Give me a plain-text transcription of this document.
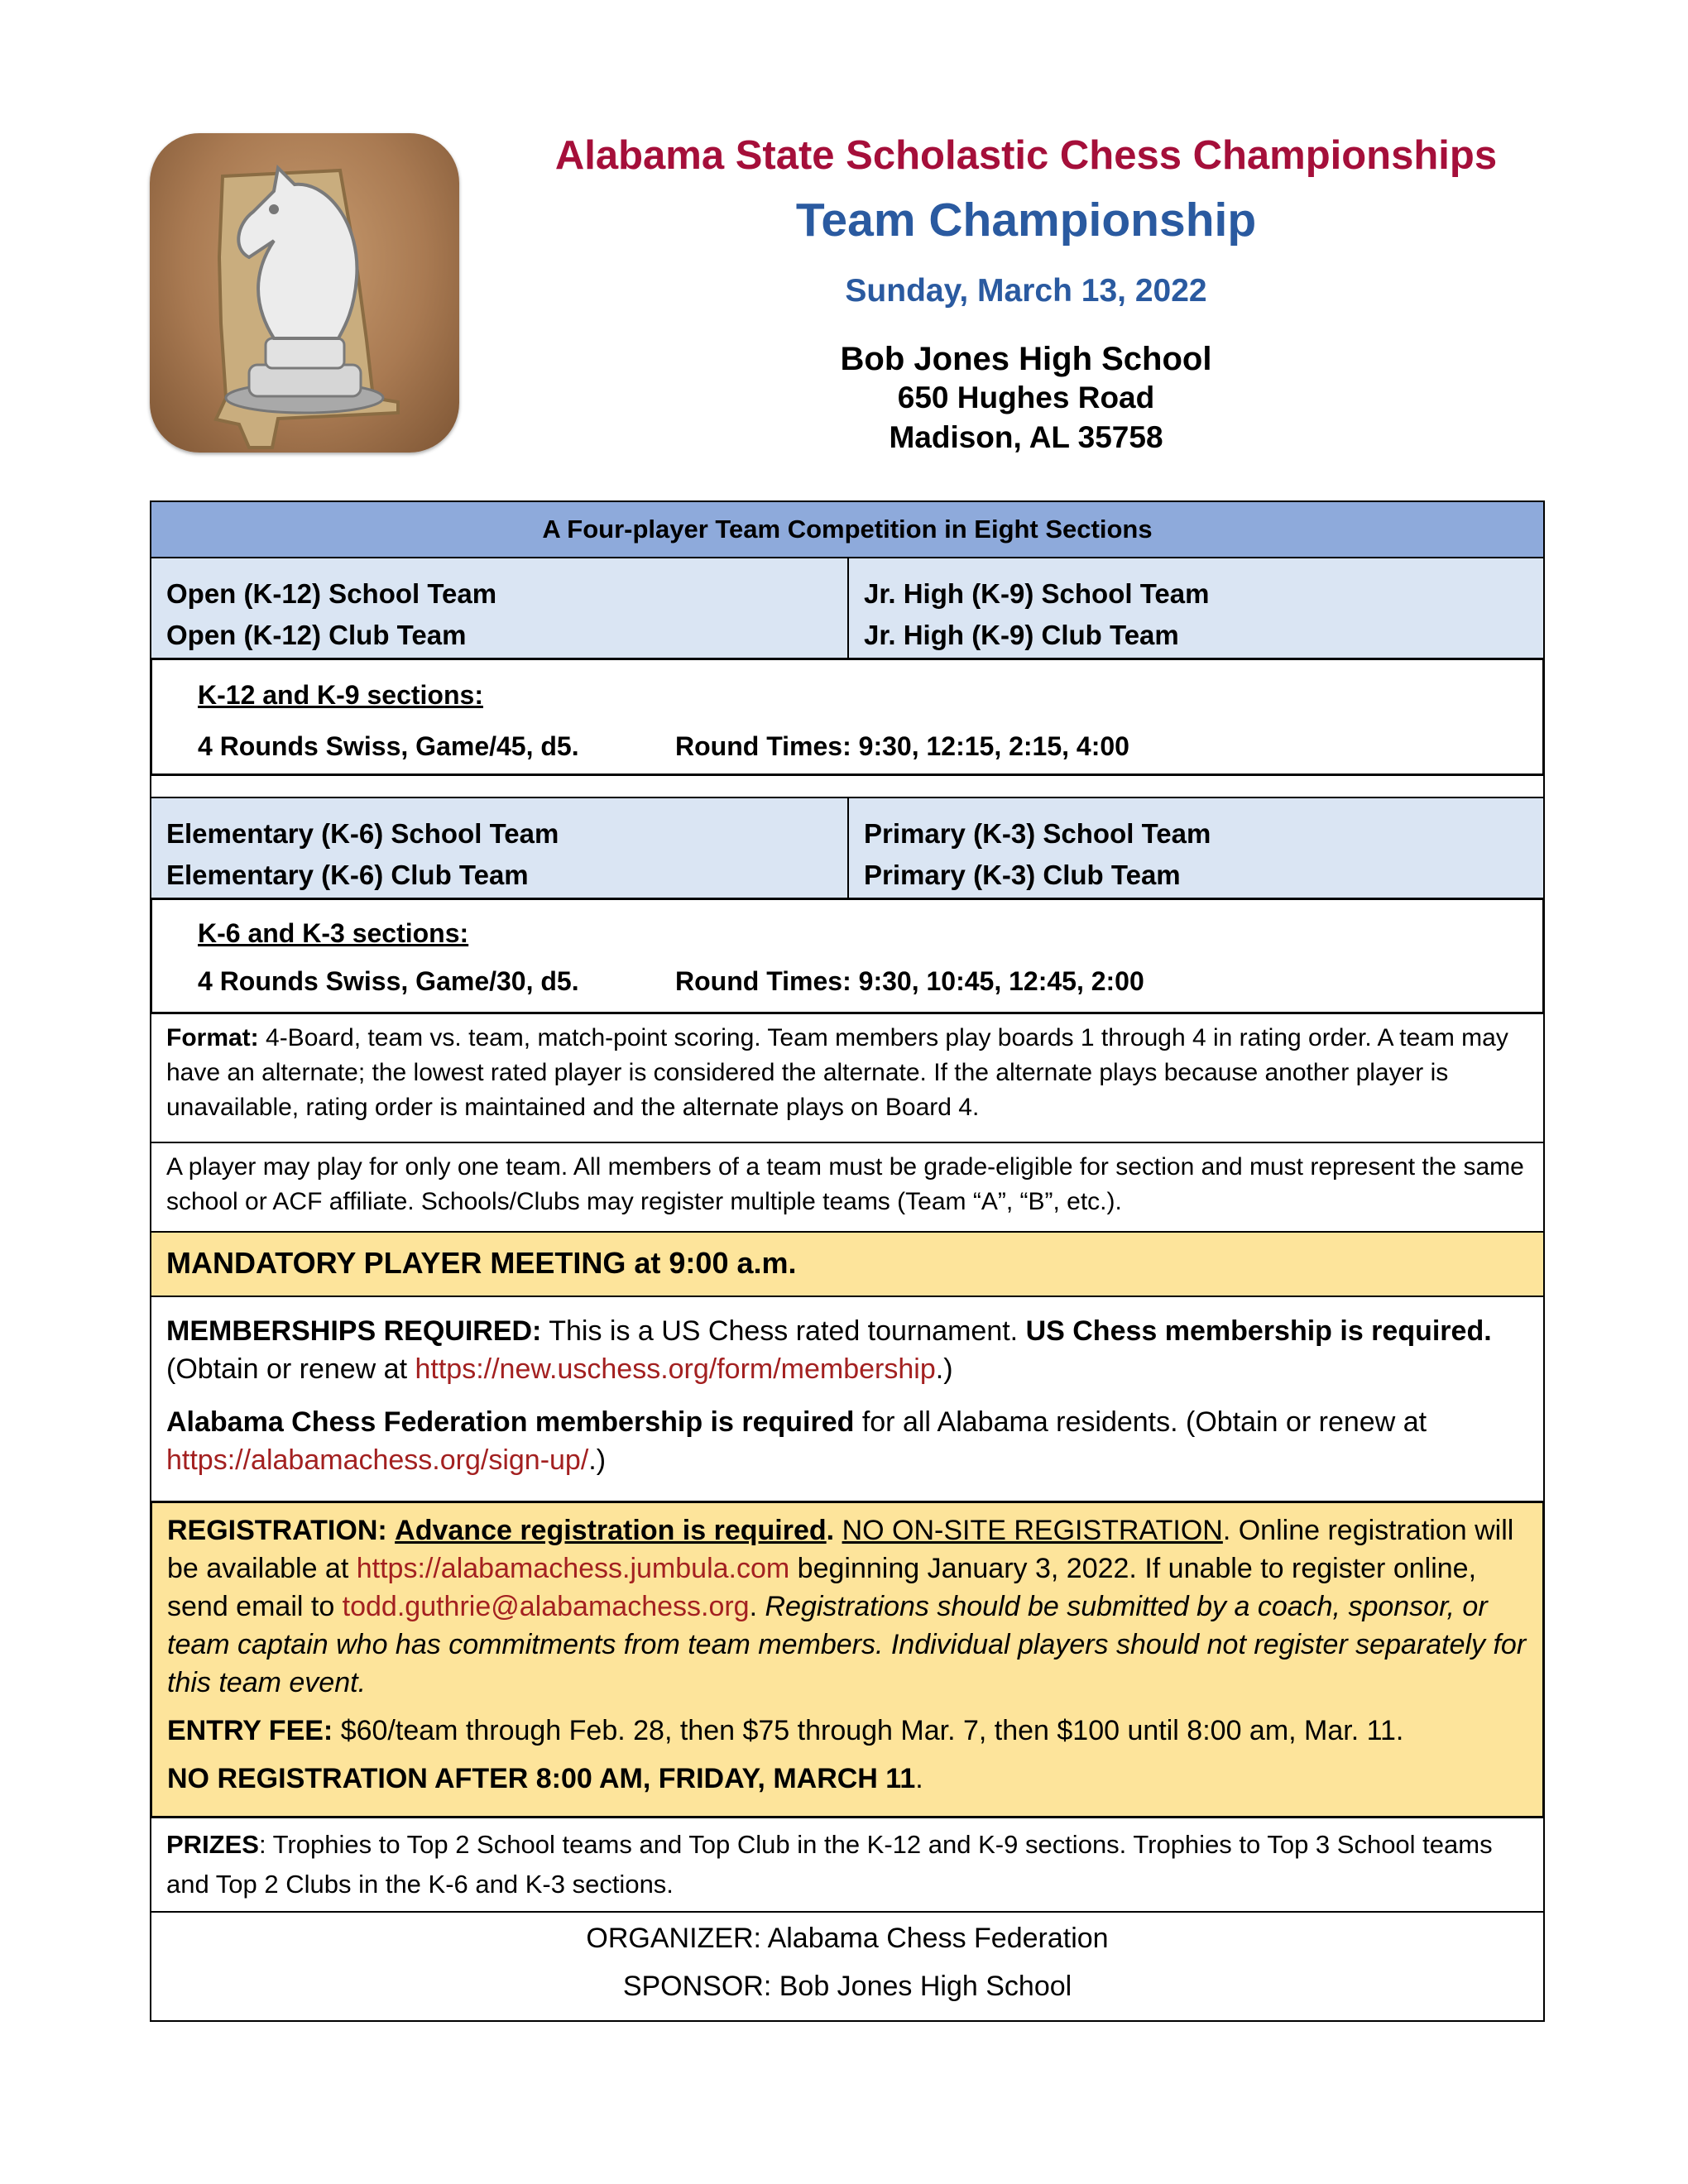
Alabama State Scholastic Chess Championships
Team Championship
Sunday, March 13, 2022
Bob Jones High School
650 Hughes Road
Madison, AL 35758
A Four-player Team Competition in Eight Sections
Open (K-12) School Team
Open (K-12) Club Team
Jr. High (K-9) School Team
Jr. High (K-9) Club Team
K-12 and K-9 sections:
4 Rounds Swiss, Game/45, d5.	Round Times: 9:30, 12:15, 2:15, 4:00
Elementary (K-6) School Team
Elementary (K-6) Club Team
Primary (K-3) School Team
Primary (K-3) Club Team
K-6 and K-3 sections:
4 Rounds Swiss, Game/30, d5.	Round Times: 9:30, 10:45, 12:45, 2:00
Format: 4-Board, team vs. team, match-point scoring. Team members play boards 1 through 4 in rating order. A team may have an alternate; the lowest rated player is considered the alternate. If the alternate plays because another player is unavailable, rating order is maintained and the alternate plays on Board 4.
A player may play for only one team. All members of a team must be grade-eligible for section and must represent the same school or ACF affiliate. Schools/Clubs may register multiple teams (Team “A”, “B”, etc.).
MANDATORY PLAYER MEETING at 9:00 a.m.

MEMBERSHIPS REQUIRED: This is a US Chess rated tournament. US Chess membership is required. (Obtain or renew at https://new.uschess.org/form/membership.)

Alabama Chess Federation membership is required for all Alabama residents. (Obtain or renew at https://alabamachess.org/sign-up/.)

REGISTRATION: Advance registration is required. NO ON-SITE REGISTRATION. Online registration will be available at https://alabamachess.jumbula.com beginning January 3, 2022. If unable to register online, send email to todd.guthrie@alabamachess.org. Registrations should be submitted by a coach, sponsor, or team captain who has commitments from team members. Individual players should not register separately for this team event.

ENTRY FEE: $60/team through Feb. 28, then $75 through Mar. 7, then $100 until 8:00 am, Mar. 11.

NO REGISTRATION AFTER 8:00 AM, FRIDAY, MARCH 11.

PRIZES: Trophies to Top 2 School teams and Top Club in the K-12 and K-9 sections. Trophies to Top 3 School teams and Top 2 Clubs in the K-6 and K-3 sections.
ORGANIZER: Alabama Chess Federation
SPONSOR: Bob Jones High School
